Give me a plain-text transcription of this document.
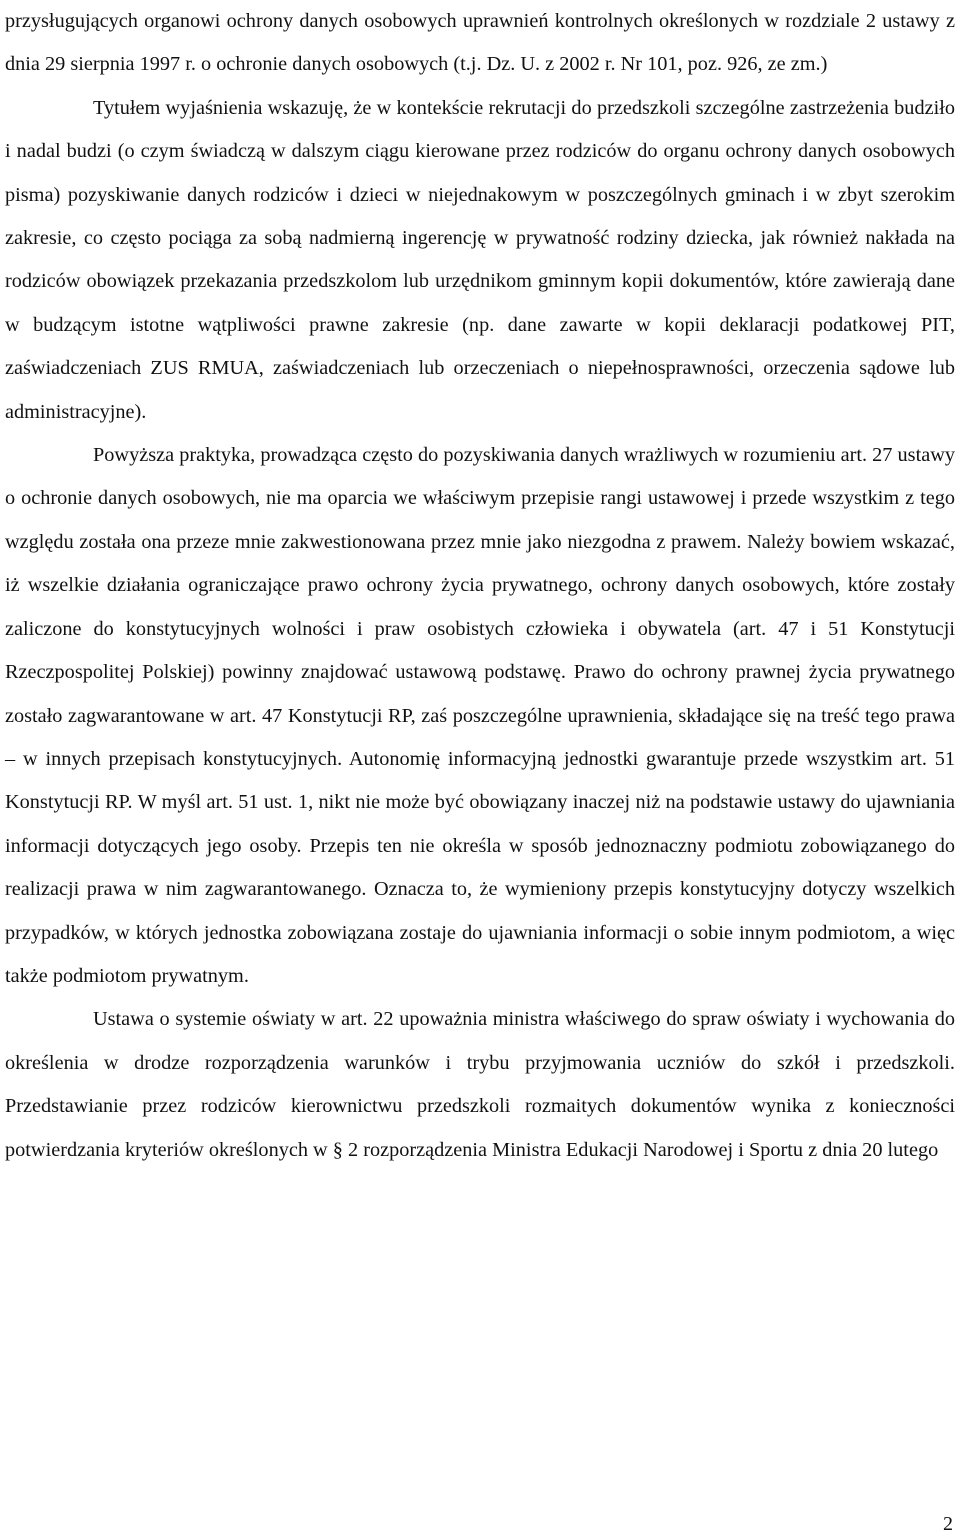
przysługujących organowi ochrony danych osobowych uprawnień kontrolnych określonych w rozdziale 2 ustawy z dnia 29 sierpnia 1997 r. o ochronie danych osobowych (t.j. Dz. U. z 2002 r. Nr 101, poz. 926, ze zm.)

Tytułem wyjaśnienia wskazuję, że w kontekście rekrutacji do przedszkoli szczególne zastrzeżenia budziło i nadal budzi (o czym świadczą w dalszym ciągu kierowane przez rodziców do organu ochrony danych osobowych pisma) pozyskiwanie danych rodziców i dzieci w niejednakowym w poszczególnych gminach i w zbyt szerokim zakresie, co często pociąga za sobą nadmierną ingerencję w prywatność rodziny dziecka, jak również nakłada na rodziców obowiązek przekazania przedszkolom lub urzędnikom gminnym kopii dokumentów, które zawierają dane w budzącym istotne wątpliwości prawne zakresie (np. dane zawarte w kopii deklaracji podatkowej PIT, zaświadczeniach ZUS RMUA, zaświadczeniach lub orzeczeniach o niepełnosprawności, orzeczenia sądowe lub administracyjne).

Powyższa praktyka, prowadząca często do pozyskiwania danych wrażliwych w rozumieniu art. 27 ustawy o ochronie danych osobowych, nie ma oparcia we właściwym przepisie rangi ustawowej i przede wszystkim z tego względu została ona przeze mnie zakwestionowana przez mnie jako niezgodna z prawem. Należy bowiem wskazać, iż wszelkie działania ograniczające prawo ochrony życia prywatnego, ochrony danych osobowych, które zostały zaliczone do konstytucyjnych wolności i praw osobistych człowieka i obywatela (art. 47 i 51 Konstytucji Rzeczpospolitej Polskiej) powinny znajdować ustawową podstawę. Prawo do ochrony prawnej życia prywatnego zostało zagwarantowane w art. 47 Konstytucji RP, zaś poszczególne uprawnienia, składające się na treść tego prawa – w innych przepisach konstytucyjnych. Autonomię informacyjną jednostki gwarantuje przede wszystkim art. 51 Konstytucji RP. W myśl art. 51 ust. 1, nikt nie może być obowiązany inaczej niż na podstawie ustawy do ujawniania informacji dotyczących jego osoby. Przepis ten nie określa w sposób jednoznaczny podmiotu zobowiązanego do realizacji prawa w nim zagwarantowanego. Oznacza to, że wymieniony przepis konstytucyjny dotyczy wszelkich przypadków, w których jednostka zobowiązana zostaje do ujawniania informacji o sobie innym podmiotom, a więc także podmiotom prywatnym.

Ustawa o systemie oświaty w art. 22 upoważnia ministra właściwego do spraw oświaty i wychowania do określenia w drodze rozporządzenia warunków i trybu przyjmowania uczniów do szkół i przedszkoli. Przedstawianie przez rodziców kierownictwu przedszkoli rozmaitych dokumentów wynika z konieczności potwierdzania kryteriów określonych w § 2 rozporządzenia Ministra Edukacji Narodowej i Sportu z dnia 20 lutego

2
